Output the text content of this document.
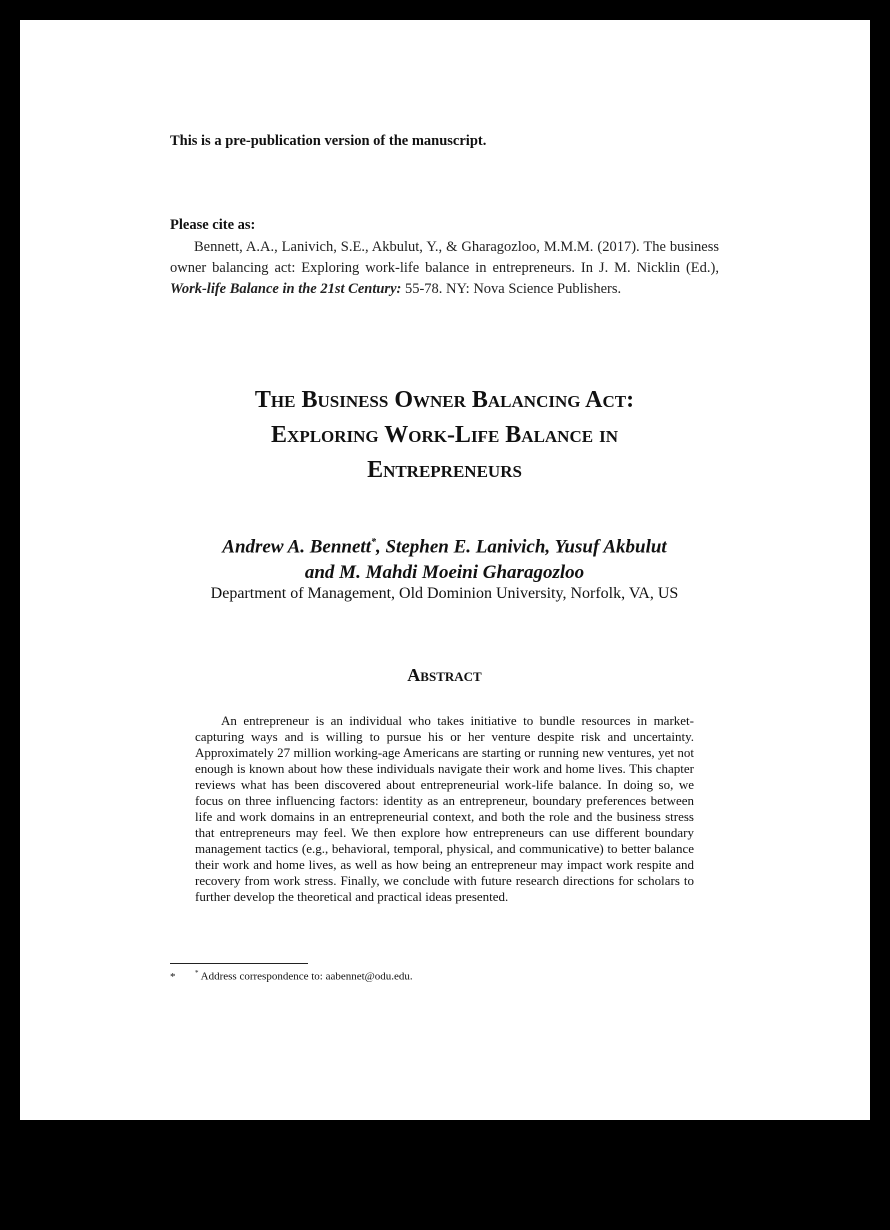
This is a pre-publication version of the manuscript.
Please cite as:
Bennett, A.A., Lanivich, S.E., Akbulut, Y., & Gharagozloo, M.M.M. (2017). The business owner balancing act: Exploring work-life balance in entrepreneurs. In J. M. Nicklin (Ed.), Work-life Balance in the 21st Century: 55-78. NY: Nova Science Publishers.
The Business Owner Balancing Act:
Exploring Work-Life Balance in
Entrepreneurs
Andrew A. Bennett*, Stephen E. Lanivich, Yusuf Akbulut
and M. Mahdi Moeini Gharagozloo
Department of Management, Old Dominion University, Norfolk, VA, US
Abstract
An entrepreneur is an individual who takes initiative to bundle resources in market-capturing ways and is willing to pursue his or her venture despite risk and uncertainty. Approximately 27 million working-age Americans are starting or running new ventures, yet not enough is known about how these individuals navigate their work and home lives. This chapter reviews what has been discovered about entrepreneurial work-life balance. In doing so, we focus on three influencing factors: identity as an entrepreneur, boundary preferences between life and work domains in an entrepreneurial context, and both the role and the business stress that entrepreneurs may feel. We then explore how entrepreneurs can use different boundary management tactics (e.g., behavioral, temporal, physical, and communicative) to better balance their work and home lives, as well as how being an entrepreneur may impact work respite and recovery from work stress. Finally, we conclude with future research directions for scholars to further develop the theoretical and practical ideas presented.
*	* Address correspondence to: aabennet@odu.edu.
